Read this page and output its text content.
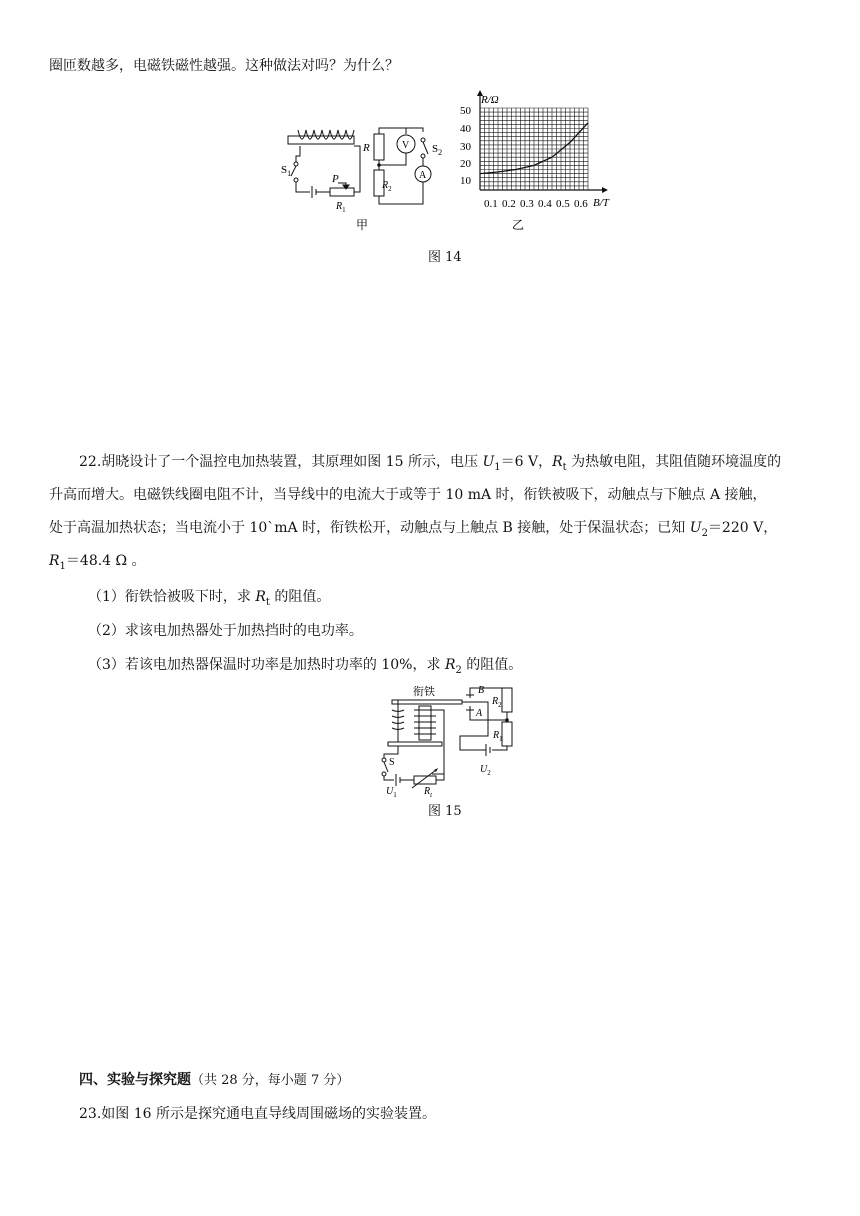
圈匝数越多，电磁铁磁性越强。这种做法对吗？为什么？
$S_1$	P
$R_1$
R	V $S_2$
$R_2$
A
R/Ω
B/T
50
40
30
20
10
0.1 0.2 0.3 0.4 0.5 0.6
甲	乙
图 14
22.胡晓设计了一个温控电加热装置，其原理如图 15 所示，电压 $U_1=6$ V，$R_t$ 为热敏电阻，其阻值随环境温度的
升高而增大。电磁铁线圈电阻不计，当导线中的电流大于或等于 10 mA 时，衔铁被吸下，动触点与下触点 A 接触，
处于高温加热状态；当电流小于 10`mA 时，衔铁松开，动触点与上触点 B 接触，处于保温状态；已知 $U_2=220$ V，
$R_1=48.4$ Ω 。
（1）衔铁恰被吸下时，求 $R_t$ 的阻值。
（2）求该电加热器处于加热挡时的电功率。
（3）若该电加热器保温时功率是加热时功率的 10%，求 $R_2$ 的阻值。
衔铁	B
A
$R_2$
$R_1$
S
$U_1$	$R_t$
$U_2$
图 15
四、实验与探究题（共 28 分，每小题 7 分）
23.如图 16 所示是探究通电直导线周围磁场的实验装置。
